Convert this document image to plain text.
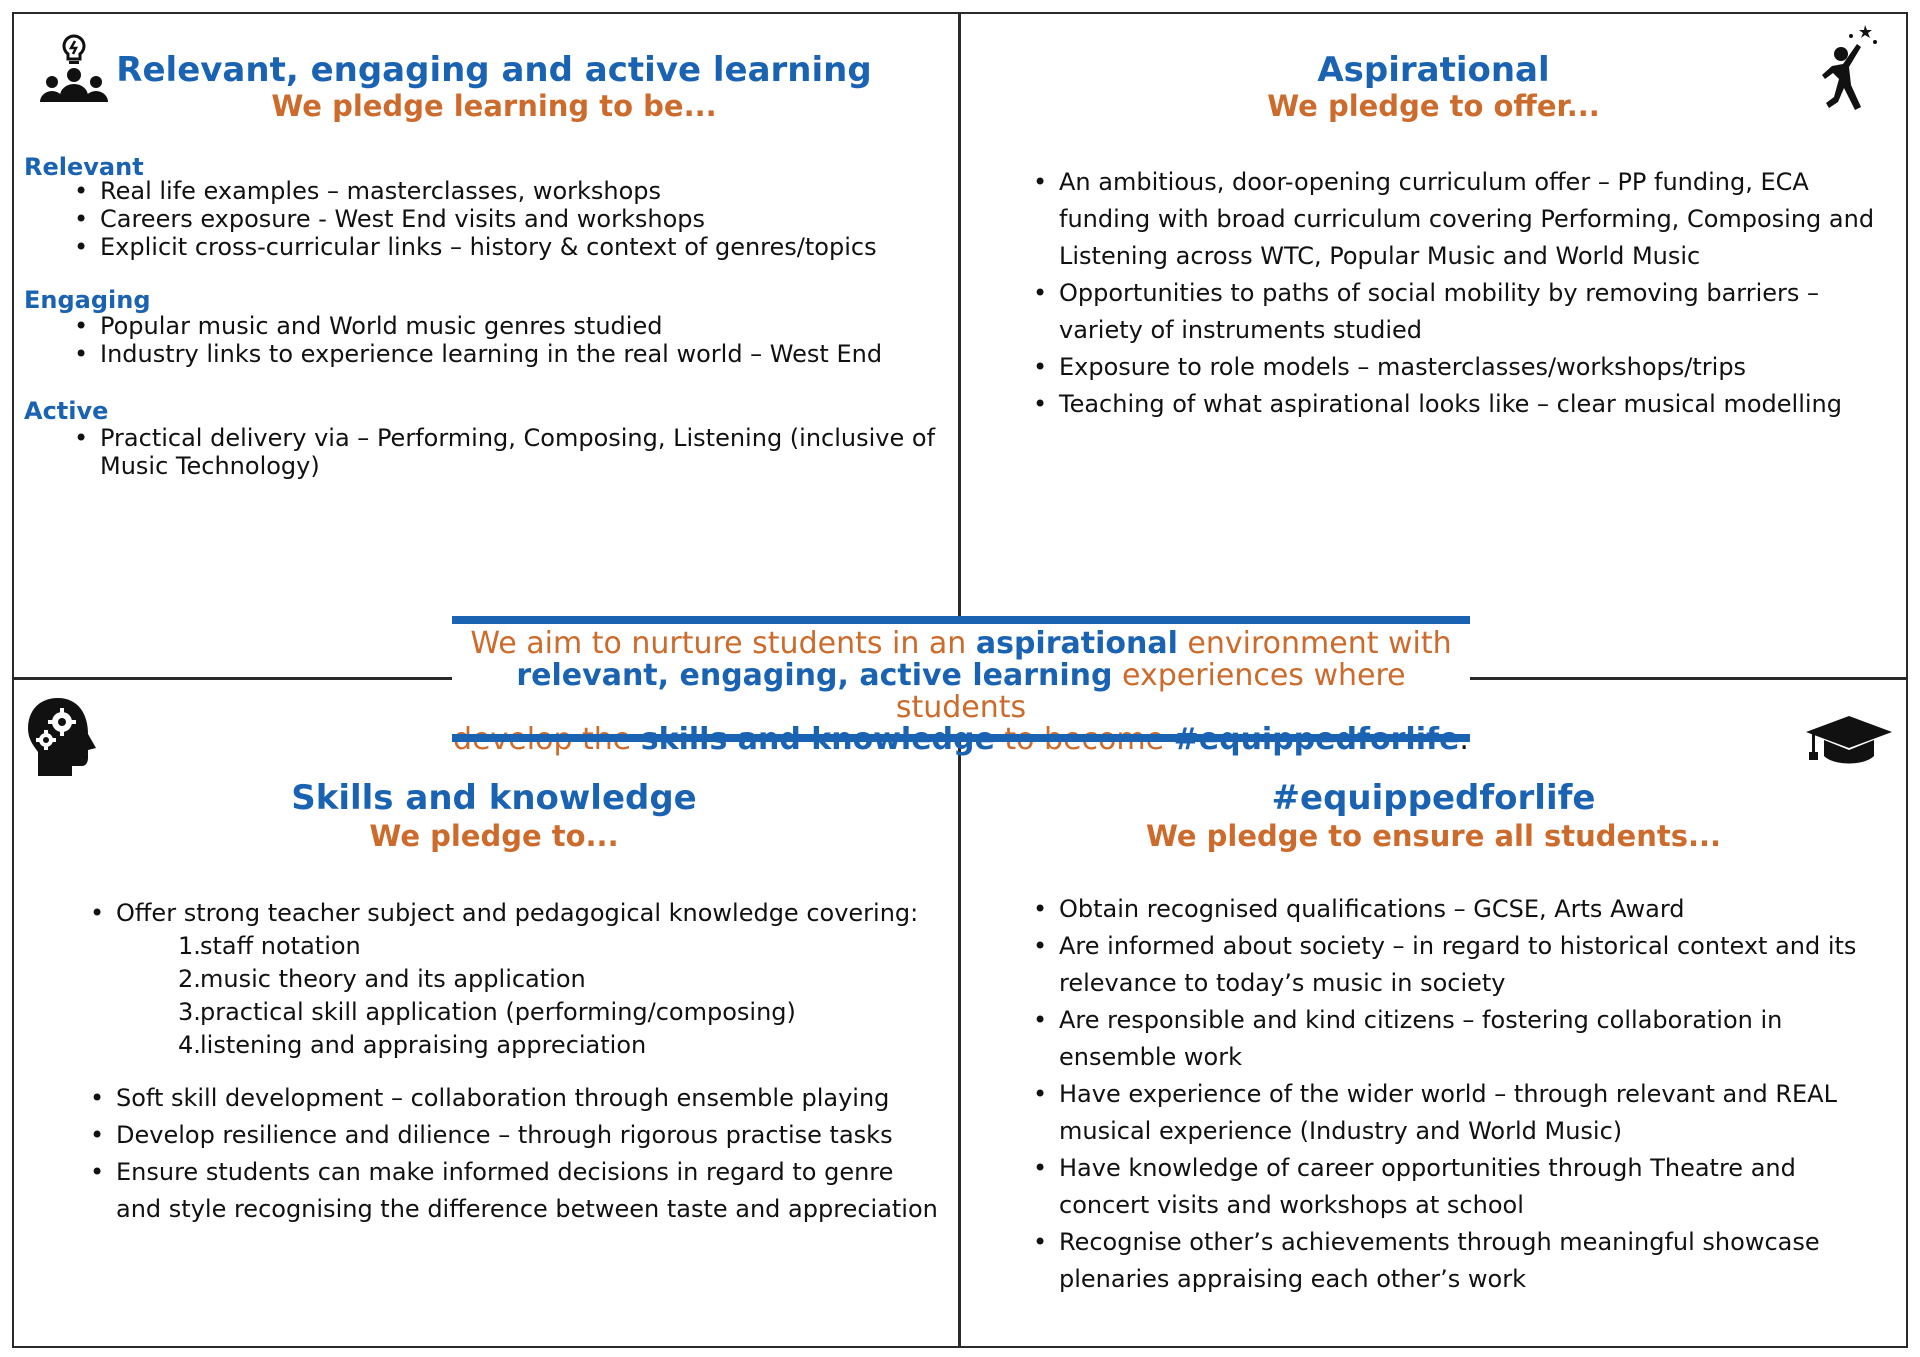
Relevant, engaging and active learning
We pledge learning to be...
Relevant
• Real life examples – masterclasses, workshops
• Careers exposure - West End visits and workshops
• Explicit cross-curricular links – history & context of genres/topics
Engaging
• Popular music and World music genres studied
• Industry links to experience learning in the real world – West End
Active
• Practical delivery via – Performing, Composing, Listening (inclusive of Music Technology)
Aspirational
We pledge to offer...
• An ambitious, door-opening curriculum offer – PP funding, ECA funding with broad curriculum covering Performing, Composing and Listening across WTC, Popular Music and World Music
• Opportunities to paths of social mobility by removing barriers – variety of instruments studied
• Exposure to role models – masterclasses/workshops/trips
• Teaching of what aspirational looks like – clear musical modelling
Skills and knowledge
We pledge to...
• Offer strong teacher subject and pedagogical knowledge covering:
1.staff notation
2.music theory and its application
3.practical skill application (performing/composing)
4.listening and appraising appreciation
• Soft skill development – collaboration through ensemble playing
• Develop resilience and dilience – through rigorous practise tasks
• Ensure students can make informed decisions in regard to genre and style recognising the difference between taste and appreciation
#equippedforlife
We pledge to ensure all students...
• Obtain recognised qualifications – GCSE, Arts Award
• Are informed about society – in regard to historical context and its relevance to today’s music in society
• Are responsible and kind citizens – fostering collaboration in ensemble work
• Have experience of the wider world – through relevant and REAL musical experience (Industry and World Music)
• Have knowledge of career opportunities through Theatre and concert visits and workshops at school
• Recognise other’s achievements through meaningful showcase plenaries appraising each other’s work
We aim to nurture students in an aspirational environment with
relevant, engaging, active learning experiences where students
